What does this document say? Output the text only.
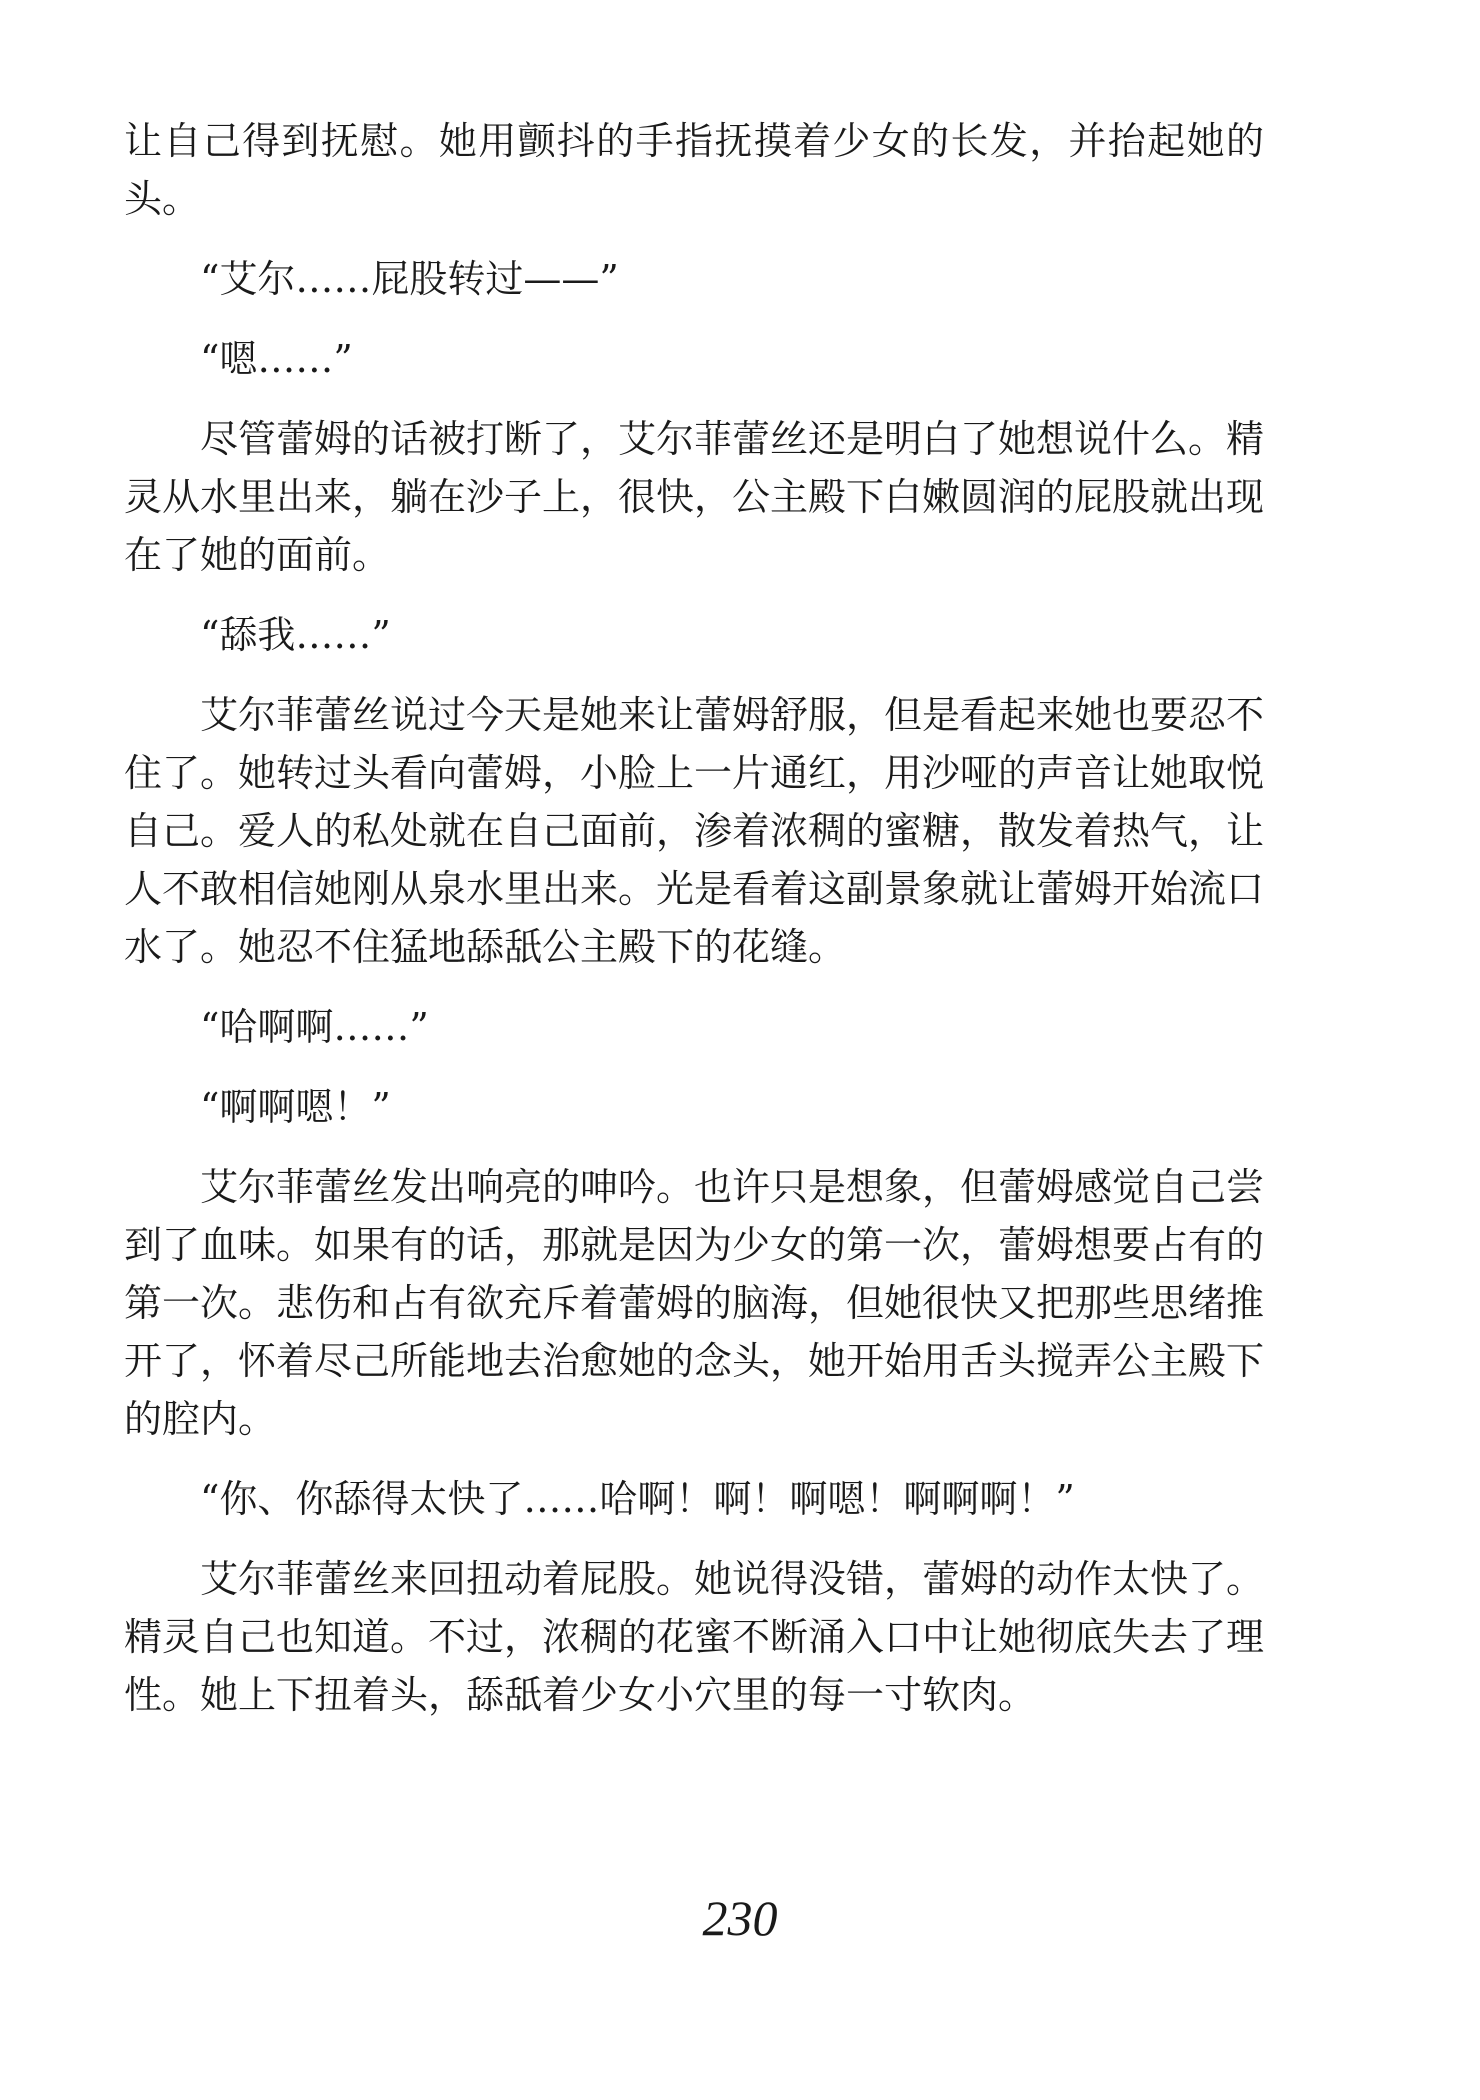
让自己得到抚慰。她用颤抖的手指抚摸着少女的长发，并抬起她的头。

“艾尔……屁股转过——”

“嗯……”

尽管蕾姆的话被打断了，艾尔菲蕾丝还是明白了她想说什么。精灵从水里出来，躺在沙子上，很快，公主殿下白嫩圆润的屁股就出现在了她的面前。

“舔我……”

艾尔菲蕾丝说过今天是她来让蕾姆舒服，但是看起来她也要忍不住了。她转过头看向蕾姆，小脸上一片通红，用沙哑的声音让她取悦自己。爱人的私处就在自己面前，渗着浓稠的蜜糖，散发着热气，让人不敢相信她刚从泉水里出来。光是看着这副景象就让蕾姆开始流口水了。她忍不住猛地舔舐公主殿下的花缝。

“哈啊啊……”

“啊啊嗯！”

艾尔菲蕾丝发出响亮的呻吟。也许只是想象，但蕾姆感觉自己尝到了血味。如果有的话，那就是因为少女的第一次，蕾姆想要占有的第一次。悲伤和占有欲充斥着蕾姆的脑海，但她很快又把那些思绪推开了，怀着尽己所能地去治愈她的念头，她开始用舌头搅弄公主殿下的腔内。

“你、你舔得太快了……哈啊！啊！啊嗯！啊啊啊！”

艾尔菲蕾丝来回扭动着屁股。她说得没错，蕾姆的动作太快了。精灵自己也知道。不过，浓稠的花蜜不断涌入口中让她彻底失去了理性。她上下扭着头，舔舐着少女小穴里的每一寸软肉。

230
